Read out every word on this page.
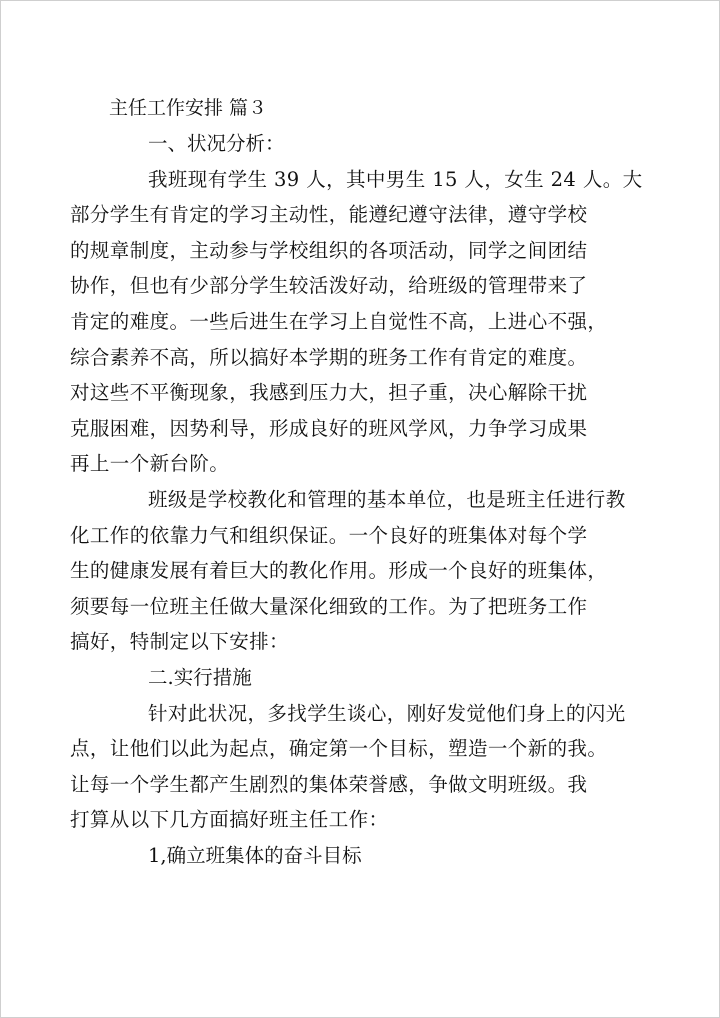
主任工作安排 篇３

一、状况分析：

我班现有学生 39 人，其中男生 15 人，女生 24 人。大
部分学生有肯定的学习主动性，能遵纪遵守法律，遵守学校
的规章制度，主动参与学校组织的各项活动，同学之间团结
协作，但也有少部分学生较活泼好动，给班级的管理带来了
肯定的难度。一些后进生在学习上自觉性不高，上进心不强，
综合素养不高，所以搞好本学期的班务工作有肯定的难度。
对这些不平衡现象，我感到压力大，担子重，决心解除干扰
克服困难，因势利导，形成良好的班风学风，力争学习成果
再上一个新台阶。

班级是学校教化和管理的基本单位，也是班主任进行教
化工作的依靠力气和组织保证。一个良好的班集体对每个学
生的健康发展有着巨大的教化作用。形成一个良好的班集体，
须要每一位班主任做大量深化细致的工作。为了把班务工作
搞好，特制定以下安排：

二.实行措施

针对此状况，多找学生谈心，刚好发觉他们身上的闪光
点，让他们以此为起点，确定第一个目标，塑造一个新的我。
让每一个学生都产生剧烈的集体荣誉感，争做文明班级。我
打算从以下几方面搞好班主任工作：

1,确立班集体的奋斗目标
